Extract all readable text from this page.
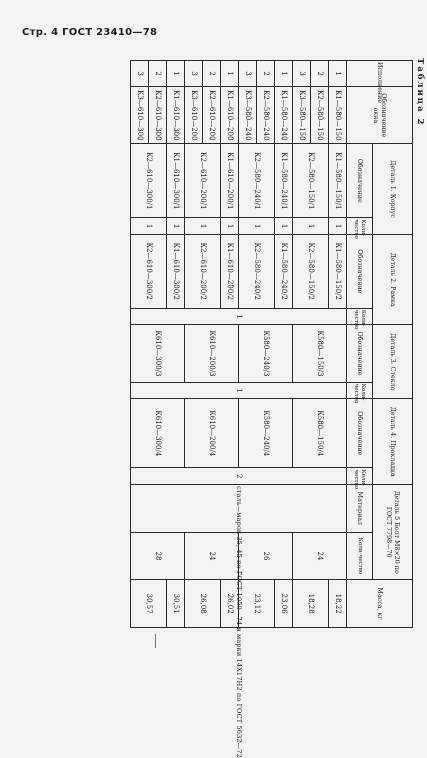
Стр. 4 ГОСТ 23410—78
Таблица 2
Исполнение	Обозначение окна	Деталь 1. Корпус		Деталь 2. Рамка		Деталь 3. Стекло		Деталь 4. Прокладка		Деталь 5 Болт М8×20 по ГОСТ 7798—70		Масса, кг
		Обозначение	Коли-чество	Обозначение	Коли-чество	Обозначение	Коли-чество	Обозначение	Коли-чество	Материал	Коли-чество	
1	К1—580—150	К1—580—150/1	1	К1—580—150/2	1	К580—150/3	1	К580—150/4	2	сталь—марок 35, 45 по ГОСТ 1050—74 и марки 14Х17Н2 по ГОСТ 5632—72	24	18,22
2	К2—580—150	К2—580—150/1	1	К2—580—150/2								18,28
3	К3—580—150											
1	К1—580—240	К1—580—240/1	1	К1—580—240/2		К580—240/3		К580—240/4			26	23,06
2	К2—580—240	К2—580—240/1	1	К2—580—240/2								23,12
3	К3—580—240											
1	К1—610—200	К1—610—200/1	1	К1—610—200/2		К610—200/3		К610—200/4			24	26,02
2	К2—610—200	К2—610—200/1	1	К2—610—200/2								26,08
3	К3—610—200											
1	К1—610—300	К1—610—300/1	1	К1—610—300/2		К610—300/3		К610—300/4			28	30,51
2	К2—610—300	К2—610—300/1	1	К2—610—300/2								30,57
3	К3—610—300											
